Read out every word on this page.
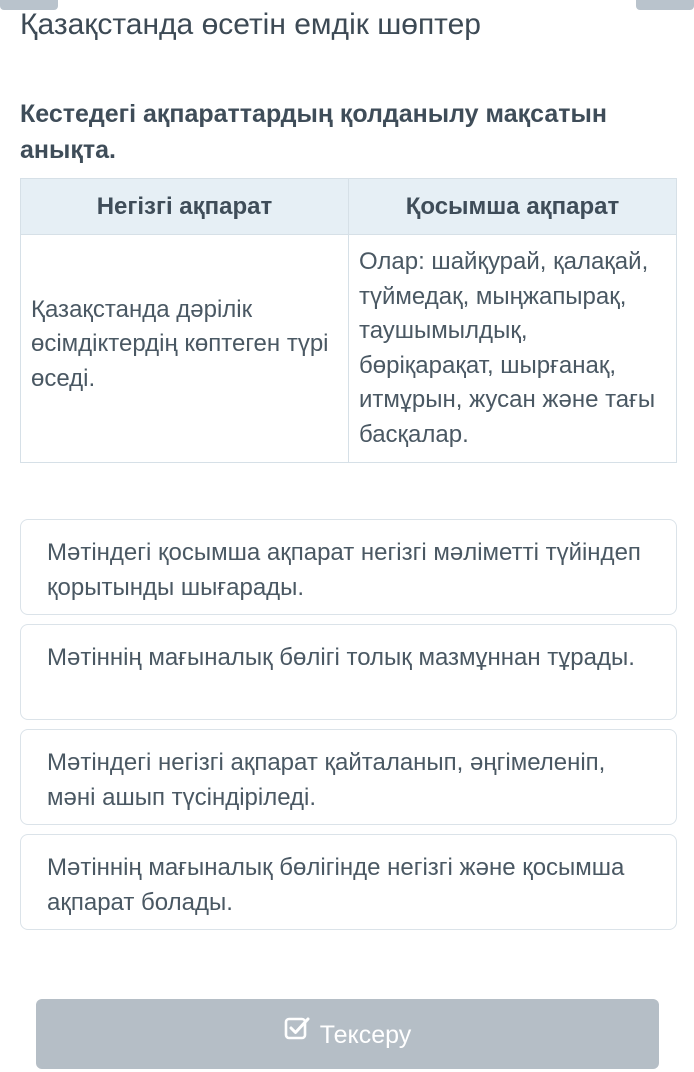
Қазақстанда өсетін емдік шөптер
Кестедегі ақпараттардың қолданылу мақсатын анықта.
Негізгі ақпарат	Қосымша ақпарат
Қазақстанда дәрілік өсімдіктердің көптеген түрі өседі.	Олар: шайқурай, қалақай, түймедақ, мыңжапырақ, таушымылдық, бөріқарақат, шырғанақ, итмұрын, жусан және тағы басқалар.
Мәтіндегі қосымша ақпарат негізгі мәліметті түйіндеп қорытынды шығарады.
Мәтіннің мағыналық бөлігі толық мазмұннан тұрады.
Мәтіндегі негізгі ақпарат қайталанып, әңгімеленіп, мәні ашып түсіндіріледі.
Мәтіннің мағыналық бөлігінде негізгі және қосымша ақпарат болады.
Тексеру
